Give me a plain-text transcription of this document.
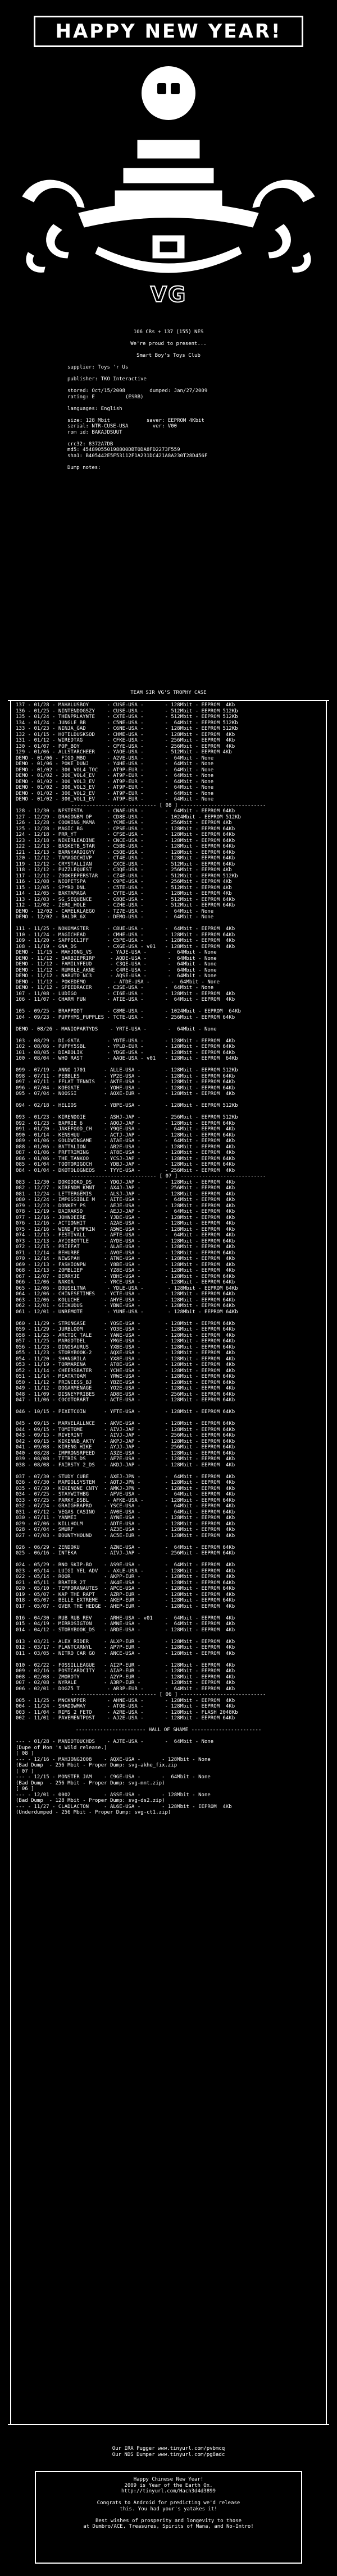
HAPPY NEW YEAR!
VG
106 CRs + 137 (155) NES

We're proud to present...

Smart Boy's Toys Club

supplier: Toys 'r Us

publisher: TKO Interactive

stored: Oct/15/2008        dumped: Jan/27/2009
rating: E          (ESRB)

languages: English

size: 128 Mbit            saver: EEPROM 4Kbit
serial: NTR-CUSE-USA        ver: V00
rom id: BAKAJDSUUT

crc32: 8372A7DB
md5: 454890550198800DBT0DA8FD2273F559
sha1: B405442E5F53112F1A231DC421A8A230T28D456F

Dump notes:
TEAM SIR VG'S TROPHY CASE
137 - 01/28 - MAHALUSBOY      - CUSE-USA -       - 128Mbit - EEPROM  4Kb
136 - 01/25 - NINTENDOGSZY    - CUSE-USA -       - 512Mbit - EEPROM 512Kb
135 - 01/24 - THENPRLAYNTE    - CXTE-USA -       - 512Mbit - EEPROM 512Kb
134 - 01/24 - JUNGLE_BB       - C5NE-USA -       -  64Mbit - EEPROM 512Kb
133 - 01/23 - NINJA_GAD       - C6NE-USA -       - 128Mbit - EEPROM 512Kb
132 - 01/15 - HOTELDUSKSOD    - CHME-USA -       - 128Mbit - EEPROM  4Kb
131 - 01/12 - WIREDTAG        - CFKE-USA -       - 256Mbit - EEPROM  4Kb
130 - 01/07 - POP_BOY         - CPYE-USA -       - 256Mbit - EEPROM  4Kb
129 - 01/06 - ALLSTARCHEER    - YAOE-USA -       - 512Mbit - EEPROM 4Kb
DEMO - 01/06 - FIGO_MBO       - A2VE-USA -       -  64Mbit - None
DEMO - 01/06 - POKE_DUNJ      - Y4HE-USA -       -  64Mbit - None
DEMO - 01/02 - 300_VOL4_TOC   - AT9P-EUR -       -  64Mbit - None
DEMO - 01/02 - 300_VOL4_EV    - AT9P-EUR -       -  64Mbit - None
DEMO - 01/02 - 300_VOL3_EV    - AT9P-EUR -       -  64Mbit - None
DEMO - 01/02 - 300_VOL3_EV    - AT9P-EUR -       -  64Mbit - None
DEMO - 01/02 - 300_VOL2_EV    - AT9P-EUR -       -  64Mbit - None
DEMO - 01/02 - 300_VOL1_EV    - AT9P-EUR -       -  64Mbit - None
---------------------------- [ 08 ] ----------------------------
128 - 12/30 - NFSTESTA        - CNAE-USA -       -  64Mbit - EEPROM 64Kb
127 - 12/29 - DRAGONBM OP     - CD8E-USA -       - 1024Mbit - EEPROM 512Kb
126 - 12/28 - COOKING_MAMA    - YCME-USA -       - 256Mbit - EEPROM 4Kb
125 - 12/28 - MAGIC_BG        - CPSE-USA -       - 128Mbit - EEPROM 64Kb
124 - 12/18 - PRR_YT          - CFSE-USA -       - 128Mbit - EEPROM 64Kb
123 - 12/18 - NIKERLEADINE    - CNCE-USA -       - 128Mbit - EEPROM 64Kb
122 - 12/13 - BASKETB_STAR    - C5BE-USA -       - 128Mbit - EEPROM 64Kb
121 - 12/13 - BARNYARDIGYY    - C5QE-USA -       - 128Mbit - EEPROM 64Kb
120 - 12/12 - TAMAGOCHIVP     - CT4E-USA -       - 128Mbit - EEPROM 64Kb
119 - 12/12 - CRYSTALLIAN     - CXCE-USA -       - 512Mbit - EEPROM 64Kb
118 - 12/12 - PUZZLEQUEST     - C3QE-USA -       - 256Mbit - EEPROM 4Kb
117 - 12/12 - ZOOKEEPERSTAR   - CZ4E-USA -       - 512Mbit - EEPROM 512Kb
116 - 12/08 - NEOPETSPA       - C9PE-USA -       - 256Mbit - EEPROM 4Kb
115 - 12/05 - SPYRO_DNL       - C5TE-USA -       - 512Mbit - EEPROM 4Kb
114 - 12/05 - BAKTAMAGA       - CYTE-USA -       - 128Mbit - EEPROM 4Kb
113 - 12/03 - SG_SEQUENCE     - C8QE-USA -       - 512Mbit - EEPROM 64Kb
112 - 12/02 - ZERO_HOLE       - CZHE-USA -       - 512Mbit - EEPROM 64Kb
DEMO - 12/02 - CAMELKLAEGO    - TZ7E-USA -       -  64Mbit - None
DEMO - 12/02 - BALDR_6X       - DEMO-USA -       -  64Mbit - None
111 - 11/25 - NOKOMASTER      - C8UE-USA -       -  64Mbit - EEPROM  4Kb
110 - 11/24 - MAGICHEAD       - CMHE-USA -       - 128Mbit - EEPROM 64Kb
109 - 11/20 - SAPPICLIFF      - C5PE-USA -       - 128Mbit - EEPROM  4Kb
108 - 11/19 - GNA_DS          - CXGE-USA - v01   - 128Mbit - EEPROM  4Kb
DEMO - 11/15 - MAHJONG_VS      - YAJE-USA -       -  64Mbit - None
DEMO - 11/12 - BARBIEPRIRP     - AQDE-USA -       -  64Mbit - None
DEMO - 11/12 - FAMILYFEUD      - C3QE-USA -       -  64Mbit - None
DEMO - 11/12 - RUMBLE_AKNE     - C4RE-USA -       -  64Mbit - None
DEMO - 11/12 - NARUTO NC3      - AQSE-USA -       -  64Mbit - None
DEMO - 11/12 - POKEDEMO         - ATDE-USA -       -  64Mbit - None
DEMO - 11/12 - SPEEDRACER     - C3SE-USA -       -  64Mbit - None
107 - 11/08 - LUDIGO          - CI6E-USA -       - 128Mbit - EEPROM  4Kb
106 - 11/07 - CHARM FUN       - ATIE-USA -       -  64Mbit - EEPROM  4Kb
105 - 09/25 - BRAPPDDT        - C8ME-USA -       - 1024Mbit - EEPROM  64Kb
104 - 09/23 - PUPPYMS_PUPPLES - TCTE-USA -       - 256Mbit - EEPROM 64Kb
DEMO - 08/26 - MANIOPARTYDS    - YRTE-USA -       -  64Mbit - None
103 - 08/29 - DI-GATA         - YDTE-USA -       - 128Mbit - EEPROM  4Kb
102 - 08/06 - PUPPY5SBL       - YPLD-EUR -       - 128Mbit - EEPROM 64Kb
101 - 08/05 - DIABOLIK        - YDGE-USA -       - 128Mbit - EEPROM 64Kb
100 - 08/04 - WHO RAST        - AAQE-USA - v01   - 128Mbit - EEPROM  64Kb
099 - 07/19 - ANNO 1701      - ALLE-USA -        - 128Mbit - EEPROM 512Kb
098 - 07/11 - PEBBLES        - YP2E-USA -        - 128Mbit - EEPROM 64Kb
097 - 07/11 - FFLAT TENNIS   - AKTE-USA -        - 128Mbit - EEPROM 64Kb
096 - 07/04 - KOEGATE        - YOHE-USA -        - 128Mbit - EEPROM 64Kb
095 - 07/04 - NOOSSI         - AOXE-EUR -        - 128Mbit - EEPROM  4Kb
094 - 02/18 - HELIOS         - YBPE-USA -        - 128Mbit - EEPROM 512Kb
093 - 01/23 - KIRENDOIE      - ASHJ-JAP -        - 256Mbit - EEPROM 512Kb
092 - 01/23 - BAPRIE 6       - AOOJ-JAP -        - 128Mbit - EEPROM 64Kb
091 - 01/20 - JAKEFOOD_CH    - Y9QE-USA -        -  64Mbit - EEPROM  4Kb
090 - 01/14 - KENSHUU        - ACTJ-JAP -        - 128Mbit - EEPROM 64Kb
089 - 01/06 - GOLDWINGAME    - ATAE-USA -        -  64Mbit - EEPROM  4Kb
088 - 01/06 - BATTALION      - AB2E-USA -        - 128Mbit - EEPROM  4Kb
087 - 01/06 - PRFTRIMING     - AT8E-USA -        - 128Mbit - EEPROM  4Kb
086 - 01/06 - THE_TANKOO     - YCSJ-JAP -        - 128Mbit - EEPROM 64Kb
085 - 01/04 - TOOTORIGOCH    - YDBJ-JAP -        - 128Mbit - EEPROM 64Kb
084 - 01/04 - DKOTOLOGNEOS   - TYYE-USA -        - 256Mbit - EEPROM  4Kb
---------------------------- [ 07 ] ----------------------------
083 - 12/30 - DOKODOKO_DS    - YDQJ-JAP -        - 128Mbit - EEPROM  4Kb
082 - 12/27 - KIRENDM_KMNT   - AX4J-JAP -        - 256Mbit - EEPROM  4Kb
081 - 12/24 - LETTERGEMIS    - ALSJ-JAP -        - 128Mbit - EEPROM  4Kb
080 - 12/24 - IMPOSSIBLE M   - AITE-USA -        -  64Mbit - EEPROM  4Kb
079 - 12/23 - DONKEY_PS      - AEJE-USA -        - 128Mbit - EEPROM  4Kb
078 - 12/19 - DAIRAKSO       - AEJJ-JAP -        -  64Mbit - EEPROM  4Kb
077 - 12/16 - JOHNDEERE      - YJDE-USA -        - 128Mbit - EEPROM  4Kb
076 - 12/16 - ACTIONHIT      - A2AE-USA -        - 128Mbit - EEPROM  4Kb
075 - 12/16 - WIND_PUMPKIN   - A5WE-USA -        - 128Mbit - EEPROM  4Kb
074 - 12/15 - FESTIVALL      - AFTE-USA -        -  64Mbit - EEPROM  4Kb
073 - 12/13 - AYIOBOTTLE     - AYDE-USA -        - 128Mbit - EEPROM 64Kb
072 - 12/15 - PRIEFAT        - ALAE-USA -        - 128Mbit - EEPROM  4Kb
071 - 12/14 - BEHURBE        - AVOE-USA -        - 128Mbit - EEPROM 64Kb
070 - 12/14 - NEWSPAH        - ATNE-USA -        - 128Mbit - EEPROM  4Kb
069 - 12/13 - FASHIONPN      - Y8BE-USA -        - 128Mbit - EEPROM  4Kb
068 - 12/13 - ZOMBLIEP       - YZ8E-USA -        - 128Mbit - EEPROM  4Kb
067 - 12/07 - BERRYJE        - YBHE-USA -        - 128Mbit - EEPROM 64Kb
066 - 12/06 - NAKOA          - YRCE-USA -        - 128Mbit - EEPROM 64Kb
065 - 12/06 - DOUSELTNA       - YDLE-USA -        - 128Mbit - EEPROM 64Kb
064 - 12/06 - CHINESETIMES   - YCTE-USA -        - 128Mbit - EEPROM 64Kb
063 - 12/06 - KOLUCHE        - AHYE-USA -        - 128Mbit - EEPROM 64Kb
062 - 12/01 - GEIKUDUS       - YBNE-USA -        - 128Mbit - EEPROM 64Kb
061 - 12/01 - UNREMOTE        - YUNE-USA -        - 128Mbit - EEPROM 64Kb
060 - 11/29 - STRONGASE      - YOSE-USA -        - 128Mbit - EEPROM 64Kb
059 - 11/29 - JURBLOOM       - YO3E-USA -        - 128Mbit - EEPROM 64Kb
058 - 11/25 - ARCTIC TALE    - YANE-USA -        - 128Mbit - EEPROM  4Kb
057 - 11/25 - MARGOTDEL      - YMGE-USA -        - 128Mbit - EEPROM 64Kb
056 - 11/23 - DINOSAURUS     - YXBE-USA -        - 128Mbit - EEPROM 64Kb
055 - 11/23 - STORYBOOK-2    - AQXE-USA -        - 128Mbit - EEPROM  4Kb
054 - 11/20 - SHANGRILA      - YX8E-USA -        - 128Mbit - EEPROM  4Kb
053 - 11/19 - TORMARENA      - AT8E-USA -        - 128Mbit - EEPROM  4Kb
052 - 11/14 - CHEERSBATER    - YCHE-USA -        - 128Mbit - EEPROM  4Kb
051 - 11/14 - MEATATOAM      - YRWE-USA -        - 128Mbit - EEPROM 64Kb
050 - 11/12 - PRINCESS_BJ    - YBZE-USA -        - 128Mbit - EEPROM 64Kb
049 - 11/12 - DOGARMENAGE    - YO2E-USA -        - 128Mbit - EEPROM  4Kb
048 - 11/09 - DISNEYPRIBES   - AD8E-USA -        - 256Mbit - EEPROM 64Kb
047 - 11/06 - COCOTORART     - ACTE-USA -        - 128Mbit - EEPROM 64Kb
046 - 10/15 - PIXETCOIN      - YFTE-USA -        - 128Mbit - EEPROM 64Kb
045 - 09/15 - MARVELALLNCE   - AKVE-USA -        - 128Mbit - EEPROM 64Kb
044 - 09/15 - TOMITOME       - AIVJ-JAP -        - 128Mbit - EEPROM 64Kb
043 - 09/15 - RIVERINT       - AIVJ-JAP -        - 256Mbit - EEPROM 64Kb
042 - 09/15 - KIKENNB_AKTY   - AKPJ-JAP -        - 128Mbit - EEPROM 64Kb
041 - 09/08 - KIRENG HIKE    - AYJJ-JAP -        - 256Mbit - EEPROM 64Kb
040 - 08/28 - IMPRONSRPEED   - A3ZE-USA -        - 128Mbit - EEPROM 64Kb
039 - 08/08 - TETRIS DS      - AF7E-USA -        - 128Mbit - EEPROM  4Kb
038 - 08/08 - FAIRSTY 2_DS   - AKDJ-JAP -        - 128Mbit - EEPROM  4Kb
037 - 07/30 - STUDY CUBE     - AXEJ-JPN -        -  64Mbit - EEPROM  4Kb
036 - 07/30 - MAPDOLSYSTEM   - AOTJ-JPN -        - 128Mbit - EEPROM  4Kb
035 - 07/30 - KIKENONE CNTY  - AMKJ-JPN -        - 128Mbit - EEPROM  4Kb
034 - 07/25 - STAYWITHBG     - AFVE-USA -        -  64Mbit - EEPROM  4Kb
033 - 07/25 - PARKY_DSBL      - AFKE-USA -       - 128Mbit - EEPROM 64Kb
032 - 07/24 - GRAIGHRAPRO    - YSCE-USA -        -  64Mbit - EEPROM  4Kb
031 - 07/12 - VEGAS CASINO   - AV0E-USA -        -  64Mbit - EEPROM 64Kb
030 - 07/11 - YANMEI         - AYNE-USA -        - 128Mbit - EEPROM  4Kb
029 - 07/06 - KILLHOLM       - ADTE-USA -        - 128Mbit - EEPROM  4Kb
028 - 07/04 - SMURF          - AZ3E-USA -        - 128Mbit - EEPROM  4Kb
027 - 07/03 - BOUNTYHOUND    - AC5E-EUR -        - 128Mbit - EEPROM  4Kb
026 - 06/29 - ZENDOKU        - AZNE-USA -        -  64Mbit - EEPROM 64Kb
025 - 06/16 - INTEKA         - AIVJ-JAP -        - 256Mbit - EEPROM 64Kb
024 - 05/29 - RNO SKIP-BO    - AS9E-USA -        -  64Mbit - EEPROM  4Kb
023 - 05/14 - LUIGI YEL ADV   - AXLE-USA -       - 128Mbit - EEPROM  4Kb
022 - 05/14 - ROOR           - AKPP-EUR -        - 128Mbit - EEPROM  4Kb
021 - 05/11 - BRATER 2T      - AK4E-USA -        - 128Mbit - EEPROM 64Kb
020 - 05/10 - TEMPORANAUTES  - APCE-USA -        - 128Mbit - EEPROM 64Kb
019 - 05/07 - KAP THE RAPT   - AZRP-EUR -        - 128Mbit - EEPROM  4Kb
018 - 05/07 - BELLE EXTREME  - AKEP-EUR -        - 128Mbit - EEPROM 64Kb
017 - 05/07 - OVER THE HEDGE - AHEP-EUR -        - 128Mbit - EEPROM  4Kb
016 - 04/30 - RUB RUB REV    - ARHE-USA - v01    -  64Mbit - EEPROM  4Kb
015 - 04/19 - MIRROSIGTON    - AMNE-USA -        -  64Mbit - EEPROM  4Kb
014 - 04/12 - STORYBOOK_DS   - ARDE-USA -        - 128Mbit - EEPROM  4Kb
013 - 03/21 - ALEX RIDER     - ALXP-EUR -        - 128Mbit - EEPROM  4Kb
012 - 03/17 - PLANTCARNYL    - AP7P-EUR -        - 128Mbit - EEPROM  4Kb
011 - 03/05 - NITRO CAR GO   - ANCE-USA -        - 128Mbit - EEPROM  4Kb
010 - 02/22 - FOSSILLEAGUE   - AI2P-EUR -        - 128Mbit - EEPROM  4Kb
009 - 02/16 - POSTCARDCITY   - AIAP-EUR -        - 128Mbit - EEPROM  4Kb
008 - 02/08 - ZMOROTY        - A2YP-EUR -        - 128Mbit - EEPROM  4Kb
007 - 02/08 - NYRALE         - A3RP-EUR -        - 128Mbit - EEPROM  4Kb
006 - 02/01 - DOGZ5 T         - AR3P-EUR -       -  64Mbit - EEPROM  4Kb
---------------------------- [ 06 ] ----------------------------
005 - 11/25 - MNCKNPPER       - AHNE-USA -       - 128Mbit - EEPROM  4Kb
004 - 11/24 - SHADOWMAY       - ATOE-USA -       - 128Mbit - EEPROM  4Kb
003 - 11/04 - RIMS 2 FETO     - A2RE-USA -       - 128Mbit - FLASH 2048Kb
002 - 11/01 - PAVEMENTPOST    - AJ2E-USA -       - 128Mbit - EEPROM 64Kb
----------------------- HALL OF SHAME -----------------------
--- - 01/28 - MANIOTOUCHDS    - AJTE-USA -       -  64Mbit - None
(Dupe of Mon 's Wild release.)
[ 08 ]
--- - 12/16 - MAHJONG2008    - AQXE-USA -       - 128Mbit - None
(Bad Dump  - 256 Mbit - Proper Dump: svg-akhe_fix.zip
[ 07 ]
--- - 12/15 - MONSTER JAM    - C9GE-USA -       -  64Mbit - None
(Bad Dump  - 256 Mbit - Proper Dump: svg-mnt.zip)
[ 06 ]
--- - 12/01 - 0002           - ASSE-USA -       - 128Mbit - None
(Bad Dump  - 128 Mbit - Proper Dump: svg-ds2.zip)
--- - 11/27 - CLADLACTON     - AL6E-USA -       - 128Mbit - EEPROM  4Kb
(Underdumped - 256 Mbit - Proper Dump: svg-ct1.zip)
Happy Chinese New Year!
2009 is Year of the Earth Ox.
http://tinyurl.com/Hach3d4d3899

Congrats to Android for predicting we'd release
this. You had your's yatakes it!

Best wishes of prosperity and longevity to those
at Dumbro/ACE, Treasures, Spirits of Mana, and No-Intro!
Our IRA Pugger www.tinyurl.com/pvbmcq
Our NDS Dumper www.tinyurl.com/pg8adc
